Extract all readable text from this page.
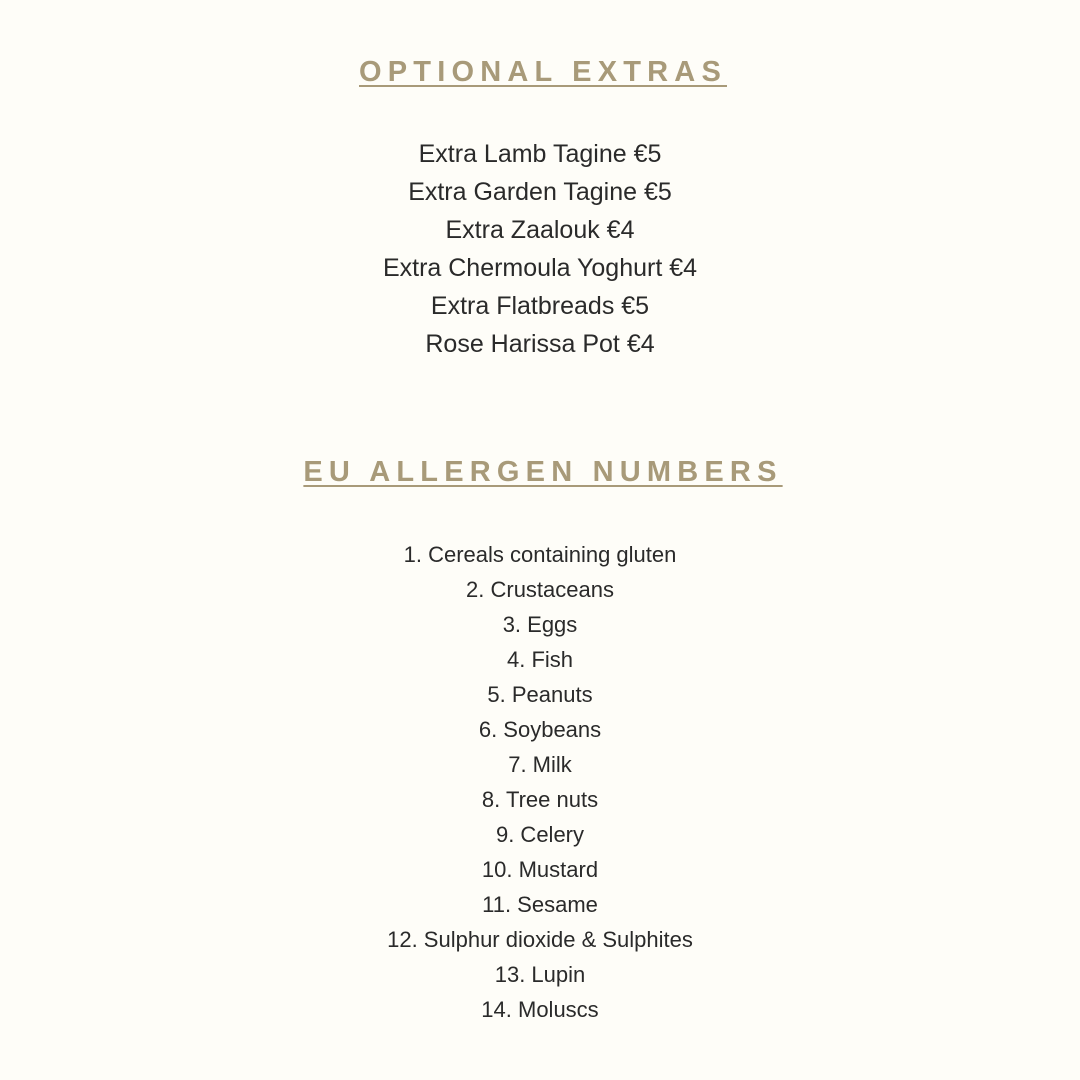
OPTIONAL EXTRAS
Extra Lamb Tagine €5
Extra Garden Tagine €5
Extra Zaalouk €4
Extra Chermoula Yoghurt €4
Extra Flatbreads €5
Rose Harissa Pot €4
EU ALLERGEN NUMBERS
1. Cereals containing gluten
2. Crustaceans
3. Eggs
4. Fish
5. Peanuts
6. Soybeans
7. Milk
8. Tree nuts
9. Celery
10. Mustard
11. Sesame
12. Sulphur dioxide & Sulphites
13. Lupin
14. Moluscs
